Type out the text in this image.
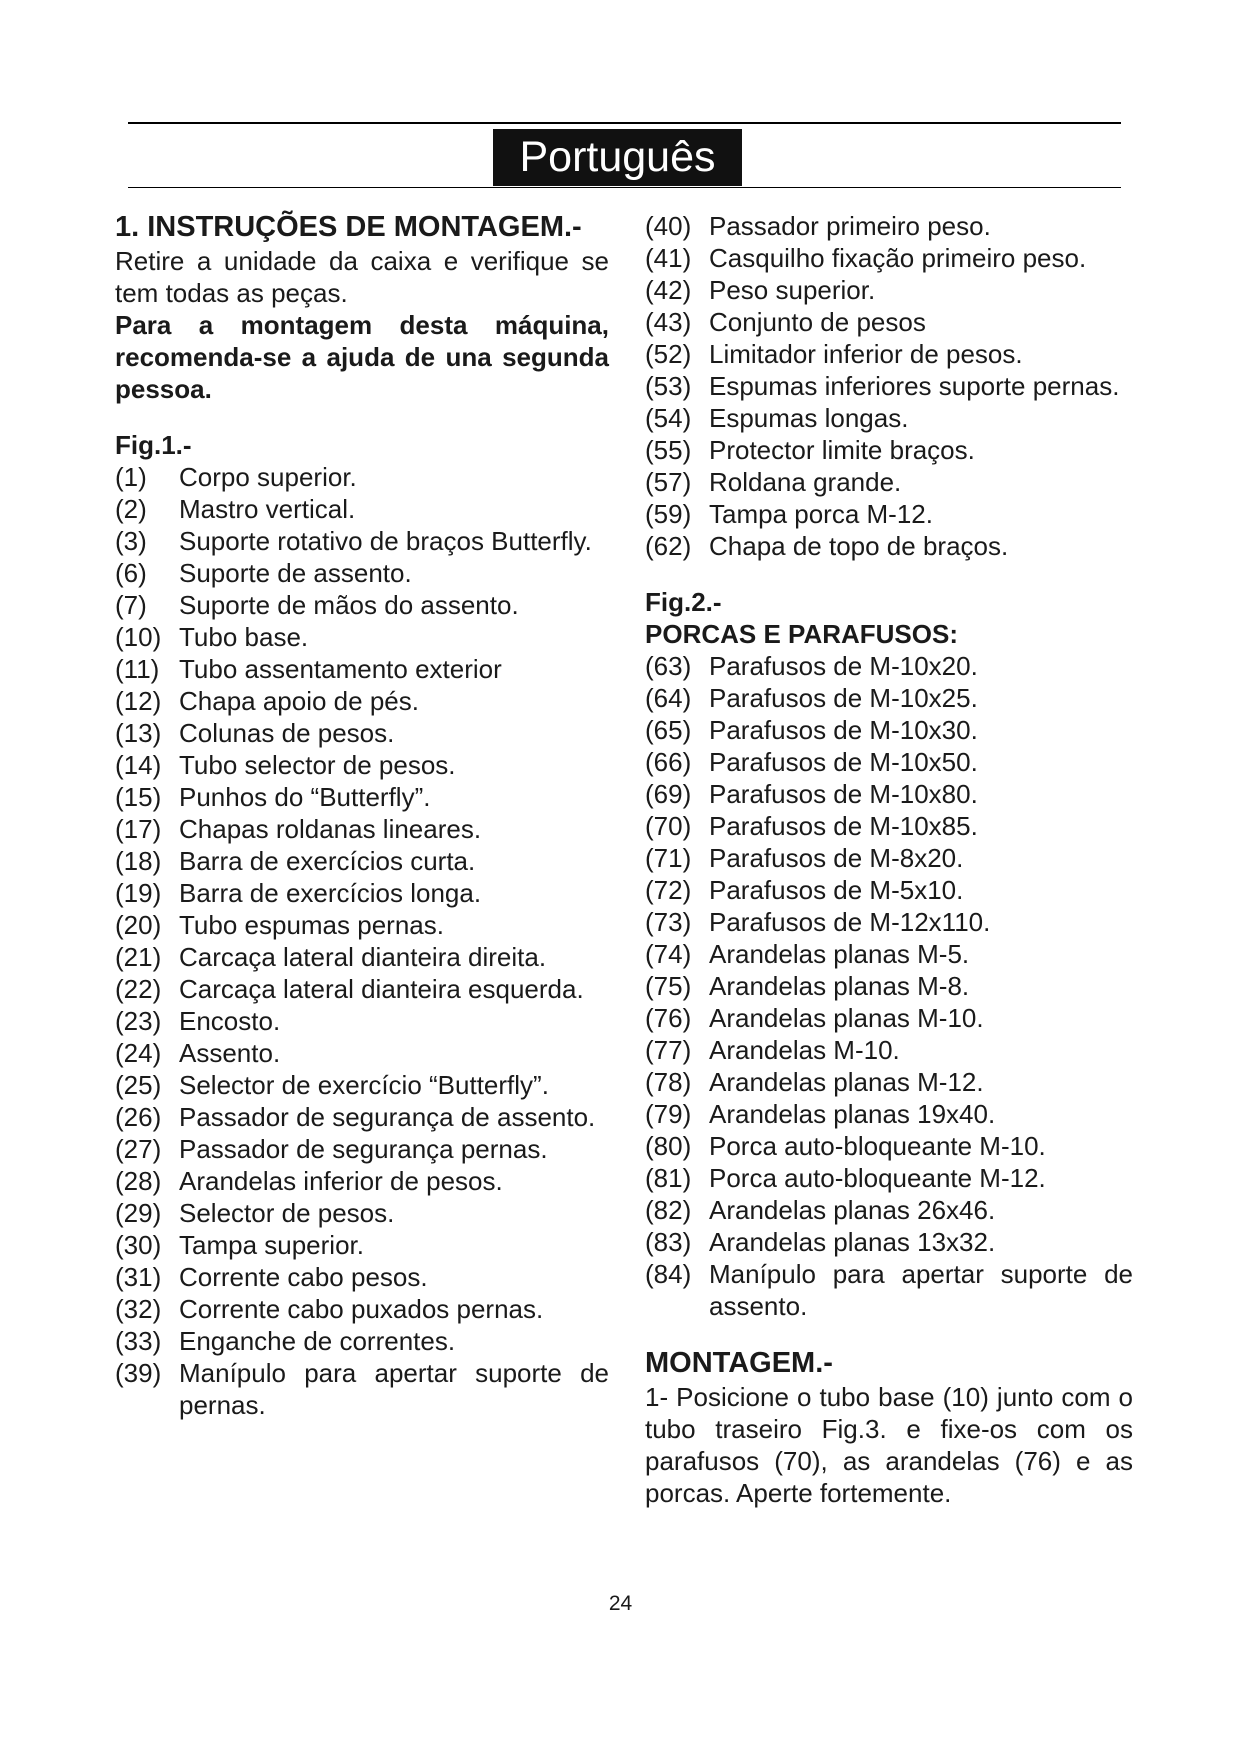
Português
1. INSTRUÇÕES DE MONTAGEM.-
Retire a unidade da caixa e verifique se tem todas as peças.
Para a montagem desta máquina, recomenda-se a ajuda de una segunda pessoa.
Fig.1.-
(1) Corpo superior.
(2) Mastro vertical.
(3) Suporte rotativo de braços Butterfly.
(6) Suporte de assento.
(7) Suporte de mãos do assento.
(10) Tubo base.
(11) Tubo assentamento exterior
(12) Chapa apoio de pés.
(13) Colunas de pesos.
(14) Tubo selector de pesos.
(15) Punhos do “Butterfly”.
(17) Chapas roldanas lineares.
(18) Barra de exercícios curta.
(19) Barra de exercícios longa.
(20) Tubo espumas pernas.
(21) Carcaça lateral dianteira direita.
(22) Carcaça lateral dianteira esquerda.
(23) Encosto.
(24) Assento.
(25) Selector de exercício “Butterfly”.
(26) Passador de segurança de assento.
(27) Passador de segurança pernas.
(28) Arandelas inferior de pesos.
(29) Selector de pesos.
(30) Tampa superior.
(31) Corrente cabo pesos.
(32) Corrente cabo puxados pernas.
(33) Enganche de correntes.
(39) Manípulo para apertar suporte de pernas.
(40) Passador primeiro peso.
(41) Casquilho fixação primeiro peso.
(42) Peso superior.
(43) Conjunto de pesos
(52) Limitador inferior de pesos.
(53) Espumas inferiores suporte pernas.
(54) Espumas longas.
(55) Protector limite braços.
(57) Roldana grande.
(59) Tampa porca M-12.
(62) Chapa de topo de braços.
Fig.2.-
PORCAS E PARAFUSOS:
(63) Parafusos de M-10x20.
(64) Parafusos de M-10x25.
(65) Parafusos de M-10x30.
(66) Parafusos de M-10x50.
(69) Parafusos de M-10x80.
(70) Parafusos de M-10x85.
(71) Parafusos de M-8x20.
(72) Parafusos de M-5x10.
(73) Parafusos de M-12x110.
(74) Arandelas planas M-5.
(75) Arandelas planas M-8.
(76) Arandelas planas M-10.
(77) Arandelas M-10.
(78) Arandelas planas M-12.
(79) Arandelas planas 19x40.
(80) Porca auto-bloqueante M-10.
(81) Porca auto-bloqueante M-12.
(82) Arandelas planas 26x46.
(83) Arandelas planas 13x32.
(84) Manípulo para apertar suporte de assento.
MONTAGEM.-
1- Posicione o tubo base (10) junto com o tubo traseiro Fig.3. e fixe-os com os parafusos (70), as arandelas (76) e as porcas. Aperte fortemente.
24
